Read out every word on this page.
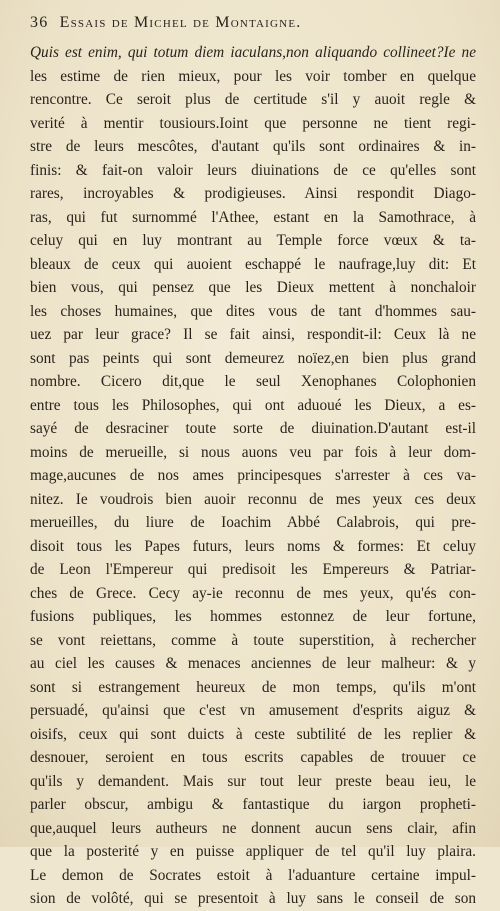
36 Essais de Michel de Montaigne.
Quis est enim, qui totum diem iaculans,non aliquando collineet?Ie ne
les estime de rien mieux, pour les voir tomber en quelque
rencontre. Ce seroit plus de certitude s'il y auoit regle &
verité à mentir tousiours.Ioint que personne ne tient regi-
stre de leurs mescôtes, d'autant qu'ils sont ordinaires & in-
finis: & fait-on valoir leurs diuinations de ce qu'elles sont
rares, incroyables & prodigieuses. Ainsi respondit Diago-
ras, qui fut surnommé l'Athee, estant en la Samothrace, à
celuy qui en luy montrant au Temple force vœux & ta-
bleaux de ceux qui auoient eschappé le naufrage,luy dit: Et
bien vous, qui pensez que les Dieux mettent à nonchaloir
les choses humaines, que dites vous de tant d'hommes sau-
uez par leur grace? Il se fait ainsi, respondit-il: Ceux là ne
sont pas peints qui sont demeurez noïez,en bien plus grand
nombre. Cicero dit,que le seul Xenophanes Colophonien
entre tous les Philosophes, qui ont aduoué les Dieux, a es-
sayé de desraciner toute sorte de diuination.D'autant est-il
moins de merueille, si nous auons veu par fois à leur dom-
mage,aucunes de nos ames principesques s'arrester à ces va-
nitez. Ie voudrois bien auoir reconnu de mes yeux ces deux
merueilles, du liure de Ioachim Abbé Calabrois, qui pre-
disoit tous les Papes futurs, leurs noms & formes: Et celuy
de Leon l'Empereur qui predisoit les Empereurs & Patriar-
ches de Grece. Cecy ay-ie reconnu de mes yeux, qu'és con-
fusions publiques, les hommes estonnez de leur fortune,
se vont reiettans, comme à toute superstition, à rechercher
au ciel les causes & menaces anciennes de leur malheur: & y
sont si estrangement heureux de mon temps, qu'ils m'ont
persuadé, qu'ainsi que c'est vn amusement d'esprits aiguz &
oisifs, ceux qui sont duicts à ceste subtilité de les replier &
desnouer, seroient en tous escrits capables de trouuer ce
qu'ils y demandent. Mais sur tout leur preste beau ieu, le
parler obscur, ambigu & fantastique du iargon propheti-
que,auquel leurs autheurs ne donnent aucun sens clair, afin
que la posterité y en puisse appliquer de tel qu'il luy plaira.
Le demon de Socrates estoit à l'aduanture certaine impul-
sion de volôté, qui se presentoit à luy sans le conseil de son
